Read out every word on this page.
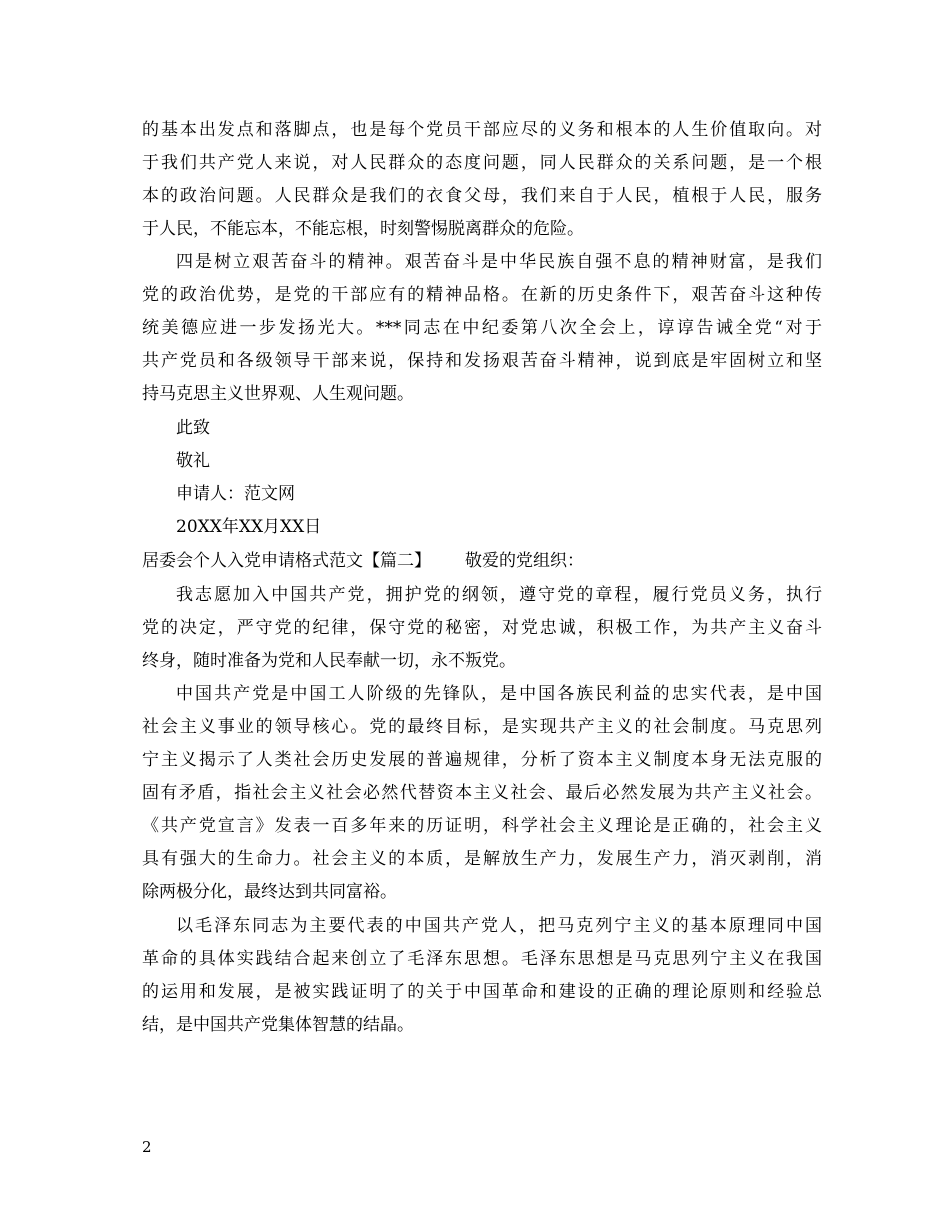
的基本出发点和落脚点，也是每个党员干部应尽的义务和根本的人生价值取向。对
于我们共产党人来说，对人民群众的态度问题，同人民群众的关系问题，是一个根
本的政治问题。人民群众是我们的衣食父母，我们来自于人民，植根于人民，服务
于人民，不能忘本，不能忘根，时刻警惕脱离群众的危险。
四是树立艰苦奋斗的精神。艰苦奋斗是中华民族自强不息的精神财富，是我们
党的政治优势，是党的干部应有的精神品格。在新的历史条件下，艰苦奋斗这种传
统美德应进一步发扬光大。***同志在中纪委第八次全会上，谆谆告诫全党“对于
共产党员和各级领导干部来说，保持和发扬艰苦奋斗精神，说到底是牢固树立和坚
持马克思主义世界观、人生观问题。
此致
敬礼
申请人：范文网
20XX年XX月XX日
居委会个人入党申请格式范文【篇二】 敬爱的党组织：
我志愿加入中国共产党，拥护党的纲领，遵守党的章程，履行党员义务，执行
党的决定，严守党的纪律，保守党的秘密，对党忠诚，积极工作，为共产主义奋斗
终身，随时准备为党和人民奉献一切，永不叛党。
中国共产党是中国工人阶级的先锋队，是中国各族民利益的忠实代表，是中国
社会主义事业的领导核心。党的最终目标，是实现共产主义的社会制度。马克思列
宁主义揭示了人类社会历史发展的普遍规律，分析了资本主义制度本身无法克服的
固有矛盾，指社会主义社会必然代替资本主义社会、最后必然发展为共产主义社会。
《共产党宣言》发表一百多年来的历证明，科学社会主义理论是正确的，社会主义
具有强大的生命力。社会主义的本质，是解放生产力，发展生产力，消灭剥削，消
除两极分化，最终达到共同富裕。
以毛泽东同志为主要代表的中国共产党人，把马克列宁主义的基本原理同中国
革命的具体实践结合起来创立了毛泽东思想。毛泽东思想是马克思列宁主义在我国
的运用和发展，是被实践证明了的关于中国革命和建设的正确的理论原则和经验总
结，是中国共产党集体智慧的结晶。
2
